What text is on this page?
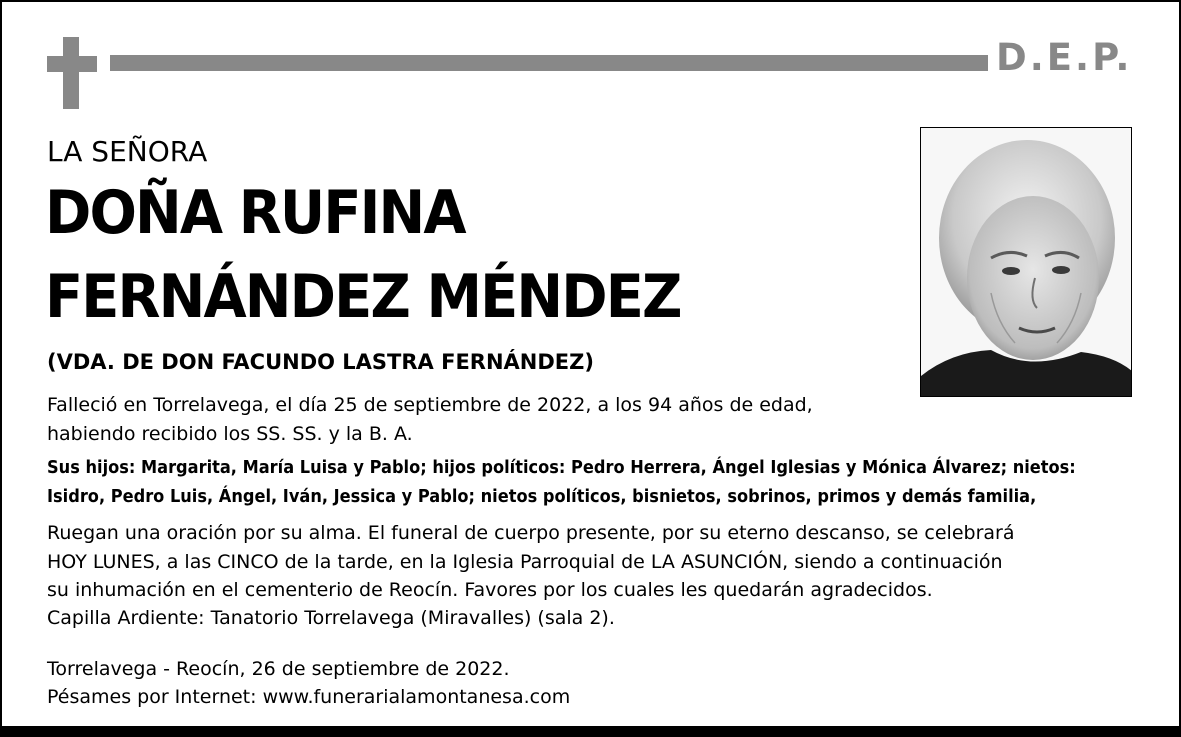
D.E.P.
LA SEÑORA
DOÑA RUFINA
FERNÁNDEZ MÉNDEZ
(VDA. DE DON FACUNDO LASTRA FERNÁNDEZ)
Falleció en Torrelavega, el día 25 de septiembre de 2022, a los 94 años de edad,
habiendo recibido los SS. SS. y la B. A.
Sus hijos: Margarita, María Luisa y Pablo; hijos políticos: Pedro Herrera, Ángel Iglesias y Mónica Álvarez; nietos:
Isidro, Pedro Luis, Ángel, Iván, Jessica y Pablo; nietos políticos, bisnietos, sobrinos, primos y demás familia,
Ruegan una oración por su alma. El funeral de cuerpo presente, por su eterno descanso, se celebrará
HOY LUNES, a las CINCO de la tarde, en la Iglesia Parroquial de LA ASUNCIÓN, siendo a continuación
su inhumación en el cementerio de Reocín. Favores por los cuales les quedarán agradecidos.
Capilla Ardiente: Tanatorio Torrelavega (Miravalles) (sala 2).
Torrelavega - Reocín, 26 de septiembre de 2022.
Pésames por Internet: www.funerarialamontanesa.com
